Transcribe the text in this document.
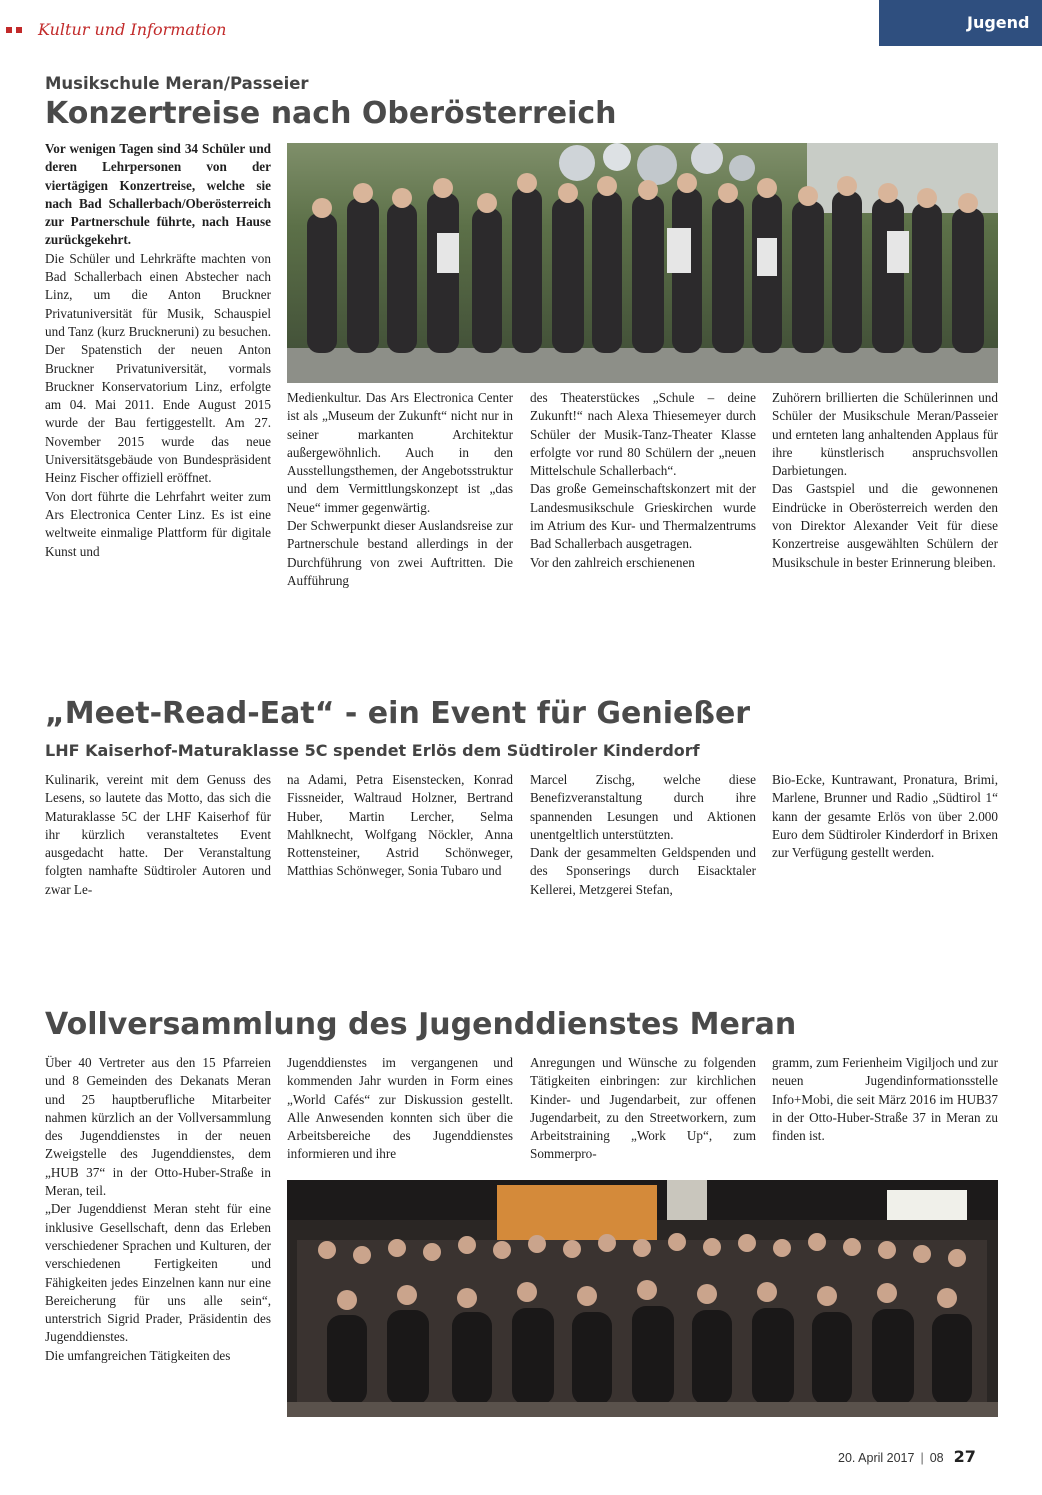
Kultur und Information	Jugend
Musikschule Meran/Passeier
Konzertreise nach Oberösterreich

Vor wenigen Tagen sind 34 Schüler und deren Lehrpersonen von der viertägigen Konzertreise, welche sie nach Bad Schallerbach/Oberösterreich zur Partnerschule führte, nach Hause zurückgekehrt.

Die Schüler und Lehrkräfte machten von Bad Schallerbach einen Abstecher nach Linz, um die Anton Bruckner Privatuniversität für Musik, Schauspiel und Tanz (kurz Bruckneruni) zu besuchen. Der Spatenstich der neuen Anton Bruckner Privatuniversität, vormals Bruckner Konservatorium Linz, erfolgte am 04. Mai 2011. Ende August 2015 wurde der Bau fertiggestellt. Am 27. November 2015 wurde das neue Universitätsgebäude von Bundespräsident Heinz Fischer offiziell eröffnet.

Von dort führte die Lehrfahrt weiter zum Ars Electronica Center Linz. Es ist eine weltweite einmalige Plattform für digitale Kunst und

Medienkultur. Das Ars Electronica Center ist als „Museum der Zukunft“ nicht nur in seiner markanten Architektur außergewöhnlich. Auch in den Ausstellungsthemen, der Angebotsstruktur und dem Vermittlungskonzept ist „das Neue“ immer gegenwärtig.

Der Schwerpunkt dieser Auslandsreise zur Partnerschule bestand allerdings in der Durchführung von zwei Auftritten. Die Aufführung

des Theaterstückes „Schule – deine Zukunft!“ nach Alexa Thiesemeyer durch Schüler der Musik-Tanz-Theater Klasse erfolgte vor rund 80 Schülern der „neuen Mittelschule Schallerbach“.

Das große Gemeinschaftskonzert mit der Landesmusikschule Grieskirchen wurde im Atrium des Kur- und Thermalzentrums Bad Schallerbach ausgetragen.

Vor den zahlreich erschienenen

Zuhörern brillierten die Schülerinnen und Schüler der Musikschule Meran/Passeier und ernteten lang anhaltenden Applaus für ihre künstlerisch anspruchsvollen Darbietungen.

Das Gastspiel und die gewonnenen Eindrücke in Oberösterreich werden den von Direktor Alexander Veit für diese Konzertreise ausgewählten Schülern der Musikschule in bester Erinnerung bleiben.

„Meet-Read-Eat“ - ein Event für Genießer
LHF Kaiserhof-Maturaklasse 5C spendet Erlös dem Südtiroler Kinderdorf

Kulinarik, vereint mit dem Genuss des Lesens, so lautete das Motto, das sich die Maturaklasse 5C der LHF Kaiserhof für ihr kürzlich veranstaltetes Event ausgedacht hatte. Der Veranstaltung folgten namhafte Südtiroler Autoren und zwar Le-

na Adami, Petra Eisenstecken, Konrad Fissneider, Waltraud Holzner, Bertrand Huber, Martin Lercher, Selma Mahlknecht, Wolfgang Nöckler, Anna Rottensteiner, Astrid Schönweger, Matthias Schönweger, Sonia Tubaro und

Marcel Zischg, welche diese Benefizveranstaltung durch ihre spannenden Lesungen und Aktionen unentgeltlich unterstützten.

Dank der gesammelten Geldspenden und des Sponserings durch Eisacktaler Kellerei, Metzgerei Stefan,

Bio-Ecke, Kuntrawant, Pronatura, Brimi, Marlene, Brunner und Radio „Südtirol 1“ kann der gesamte Erlös von über 2.000 Euro dem Südtiroler Kinderdorf in Brixen zur Verfügung gestellt werden.

Vollversammlung des Jugenddienstes Meran

Über 40 Vertreter aus den 15 Pfarreien und 8 Gemeinden des Dekanats Meran und 25 hauptberufliche Mitarbeiter nahmen kürzlich an der Vollversammlung des Jugenddienstes in der neuen Zweigstelle des Jugenddienstes, dem „HUB 37“ in der Otto-Huber-Straße in Meran, teil.

„Der Jugenddienst Meran steht für eine inklusive Gesellschaft, denn das Erleben verschiedener Sprachen und Kulturen, der verschiedenen Fertigkeiten und Fähigkeiten jedes Einzelnen kann nur eine Bereicherung für uns alle sein“, unterstrich Sigrid Prader, Präsidentin des Jugenddienstes.

Die umfangreichen Tätigkeiten des

Jugenddienstes im vergangenen und kommenden Jahr wurden in Form eines „World Cafés“ zur Diskussion gestellt. Alle Anwesenden konnten sich über die Arbeitsbereiche des Jugenddienstes informieren und ihre

Anregungen und Wünsche zu folgenden Tätigkeiten einbringen: zur kirchlichen Kinder- und Jugendarbeit, zur offenen Jugendarbeit, zu den Streetworkern, zum Arbeitstraining „Work Up“, zum Sommerpro-

gramm, zum Ferienheim Vigiljoch und zur neuen Jugendinformationsstelle Info+Mobi, die seit März 2016 im HUB37 in der Otto-Huber-Straße 37 in Meran zu finden ist.

20. April 2017 | 08 27
